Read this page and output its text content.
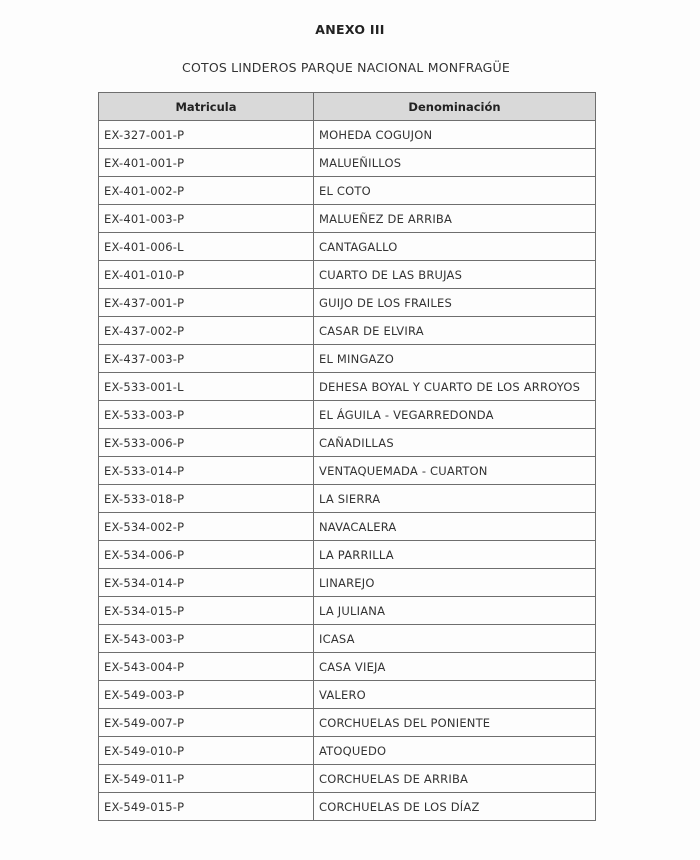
ANEXO III
COTOS LINDEROS PARQUE NACIONAL MONFRAGÜE
Matricula	Denominación
EX-327-001-P	MOHEDA COGUJON
EX-401-001-P	MALUEÑILLOS
EX-401-002-P	EL COTO
EX-401-003-P	MALUEÑEZ DE ARRIBA
EX-401-006-L	CANTAGALLO
EX-401-010-P	CUARTO DE LAS BRUJAS
EX-437-001-P	GUIJO DE LOS FRAILES
EX-437-002-P	CASAR DE ELVIRA
EX-437-003-P	EL MINGAZO
EX-533-001-L	DEHESA BOYAL Y CUARTO DE LOS ARROYOS
EX-533-003-P	EL ÁGUILA - VEGARREDONDA
EX-533-006-P	CAÑADILLAS
EX-533-014-P	VENTAQUEMADA - CUARTON
EX-533-018-P	LA SIERRA
EX-534-002-P	NAVACALERA
EX-534-006-P	LA PARRILLA
EX-534-014-P	LINAREJO
EX-534-015-P	LA JULIANA
EX-543-003-P	ICASA
EX-543-004-P	CASA VIEJA
EX-549-003-P	VALERO
EX-549-007-P	CORCHUELAS DEL PONIENTE
EX-549-010-P	ATOQUEDO
EX-549-011-P	CORCHUELAS DE ARRIBA
EX-549-015-P	CORCHUELAS DE LOS DÍAZ
